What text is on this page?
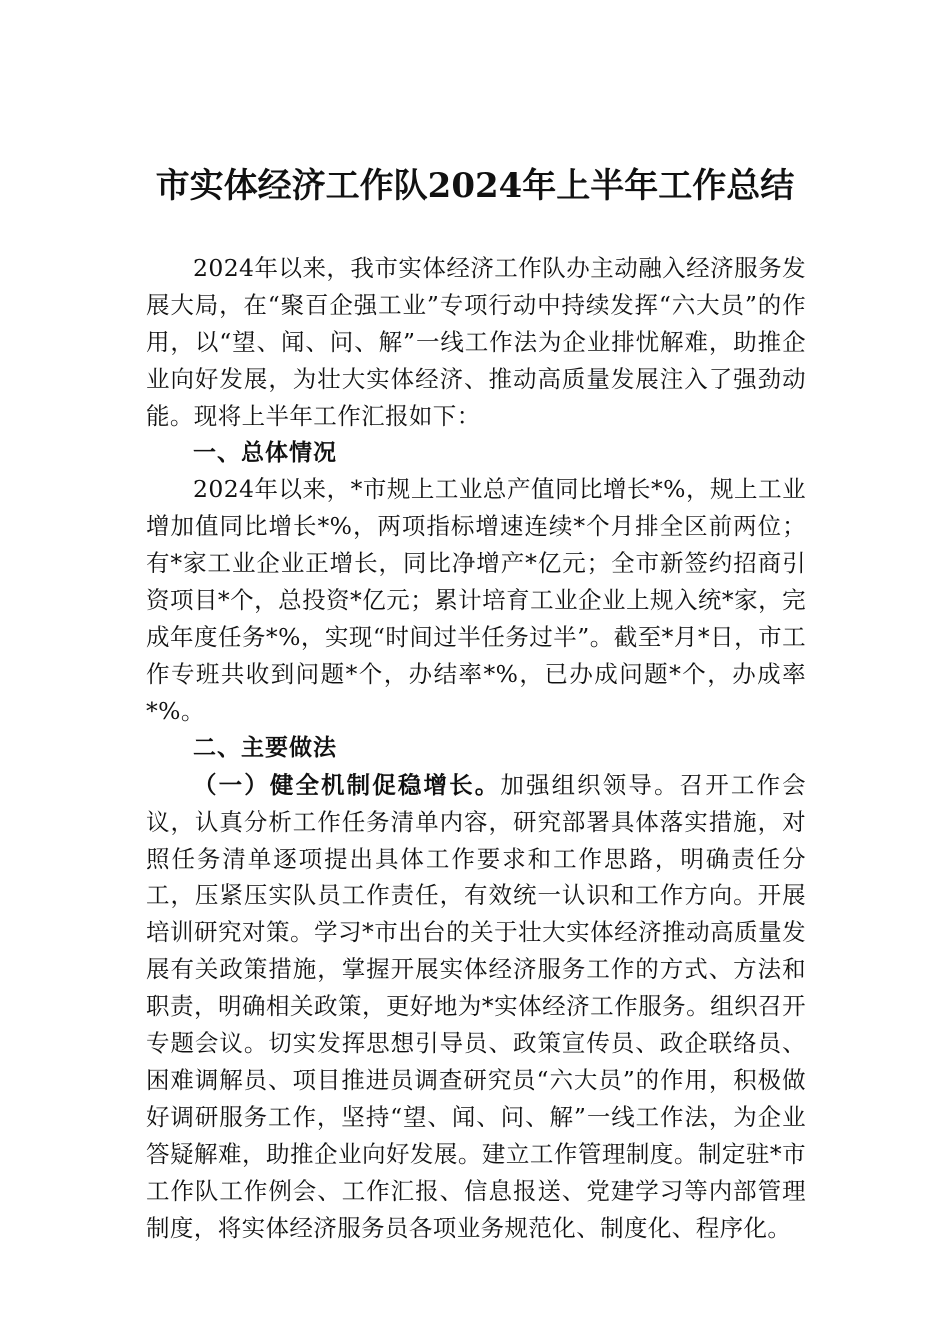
市实体经济工作队2024年上半年工作总结

2024年以来，我市实体经济工作队办主动融入经济服务发展大局，在“聚百企强工业”专项行动中持续发挥“六大员”的作用，以“望、闻、问、解”一线工作法为企业排忧解难，助推企业向好发展，为壮大实体经济、推动高质量发展注入了强劲动能。现将上半年工作汇报如下：

一、总体情况

2024年以来，*市规上工业总产值同比增长*%，规上工业增加值同比增长*%，两项指标增速连续*个月排全区前两位；有*家工业企业正增长，同比净增产*亿元；全市新签约招商引资项目*个，总投资*亿元；累计培育工业企业上规入统*家，完成年度任务*%，实现“时间过半任务过半”。截至*月*日，市工作专班共收到问题*个，办结率*%，已办成问题*个，办成率*%。

二、主要做法

（一）健全机制促稳增长。加强组织领导。召开工作会议，认真分析工作任务清单内容，研究部署具体落实措施，对照任务清单逐项提出具体工作要求和工作思路，明确责任分工，压紧压实队员工作责任，有效统一认识和工作方向。开展培训研究对策。学习*市出台的关于壮大实体经济推动高质量发展有关政策措施，掌握开展实体经济服务工作的方式、方法和职责，明确相关政策，更好地为*实体经济工作服务。组织召开专题会议。切实发挥思想引导员、政策宣传员、政企联络员、困难调解员、项目推进员调查研究员“六大员”的作用，积极做好调研服务工作，坚持“望、闻、问、解”一线工作法，为企业答疑解难，助推企业向好发展。建立工作管理制度。制定驻*市工作队工作例会、工作汇报、信息报送、党建学习等内部管理制度，将实体经济服务员各项业务规范化、制度化、程序化。
